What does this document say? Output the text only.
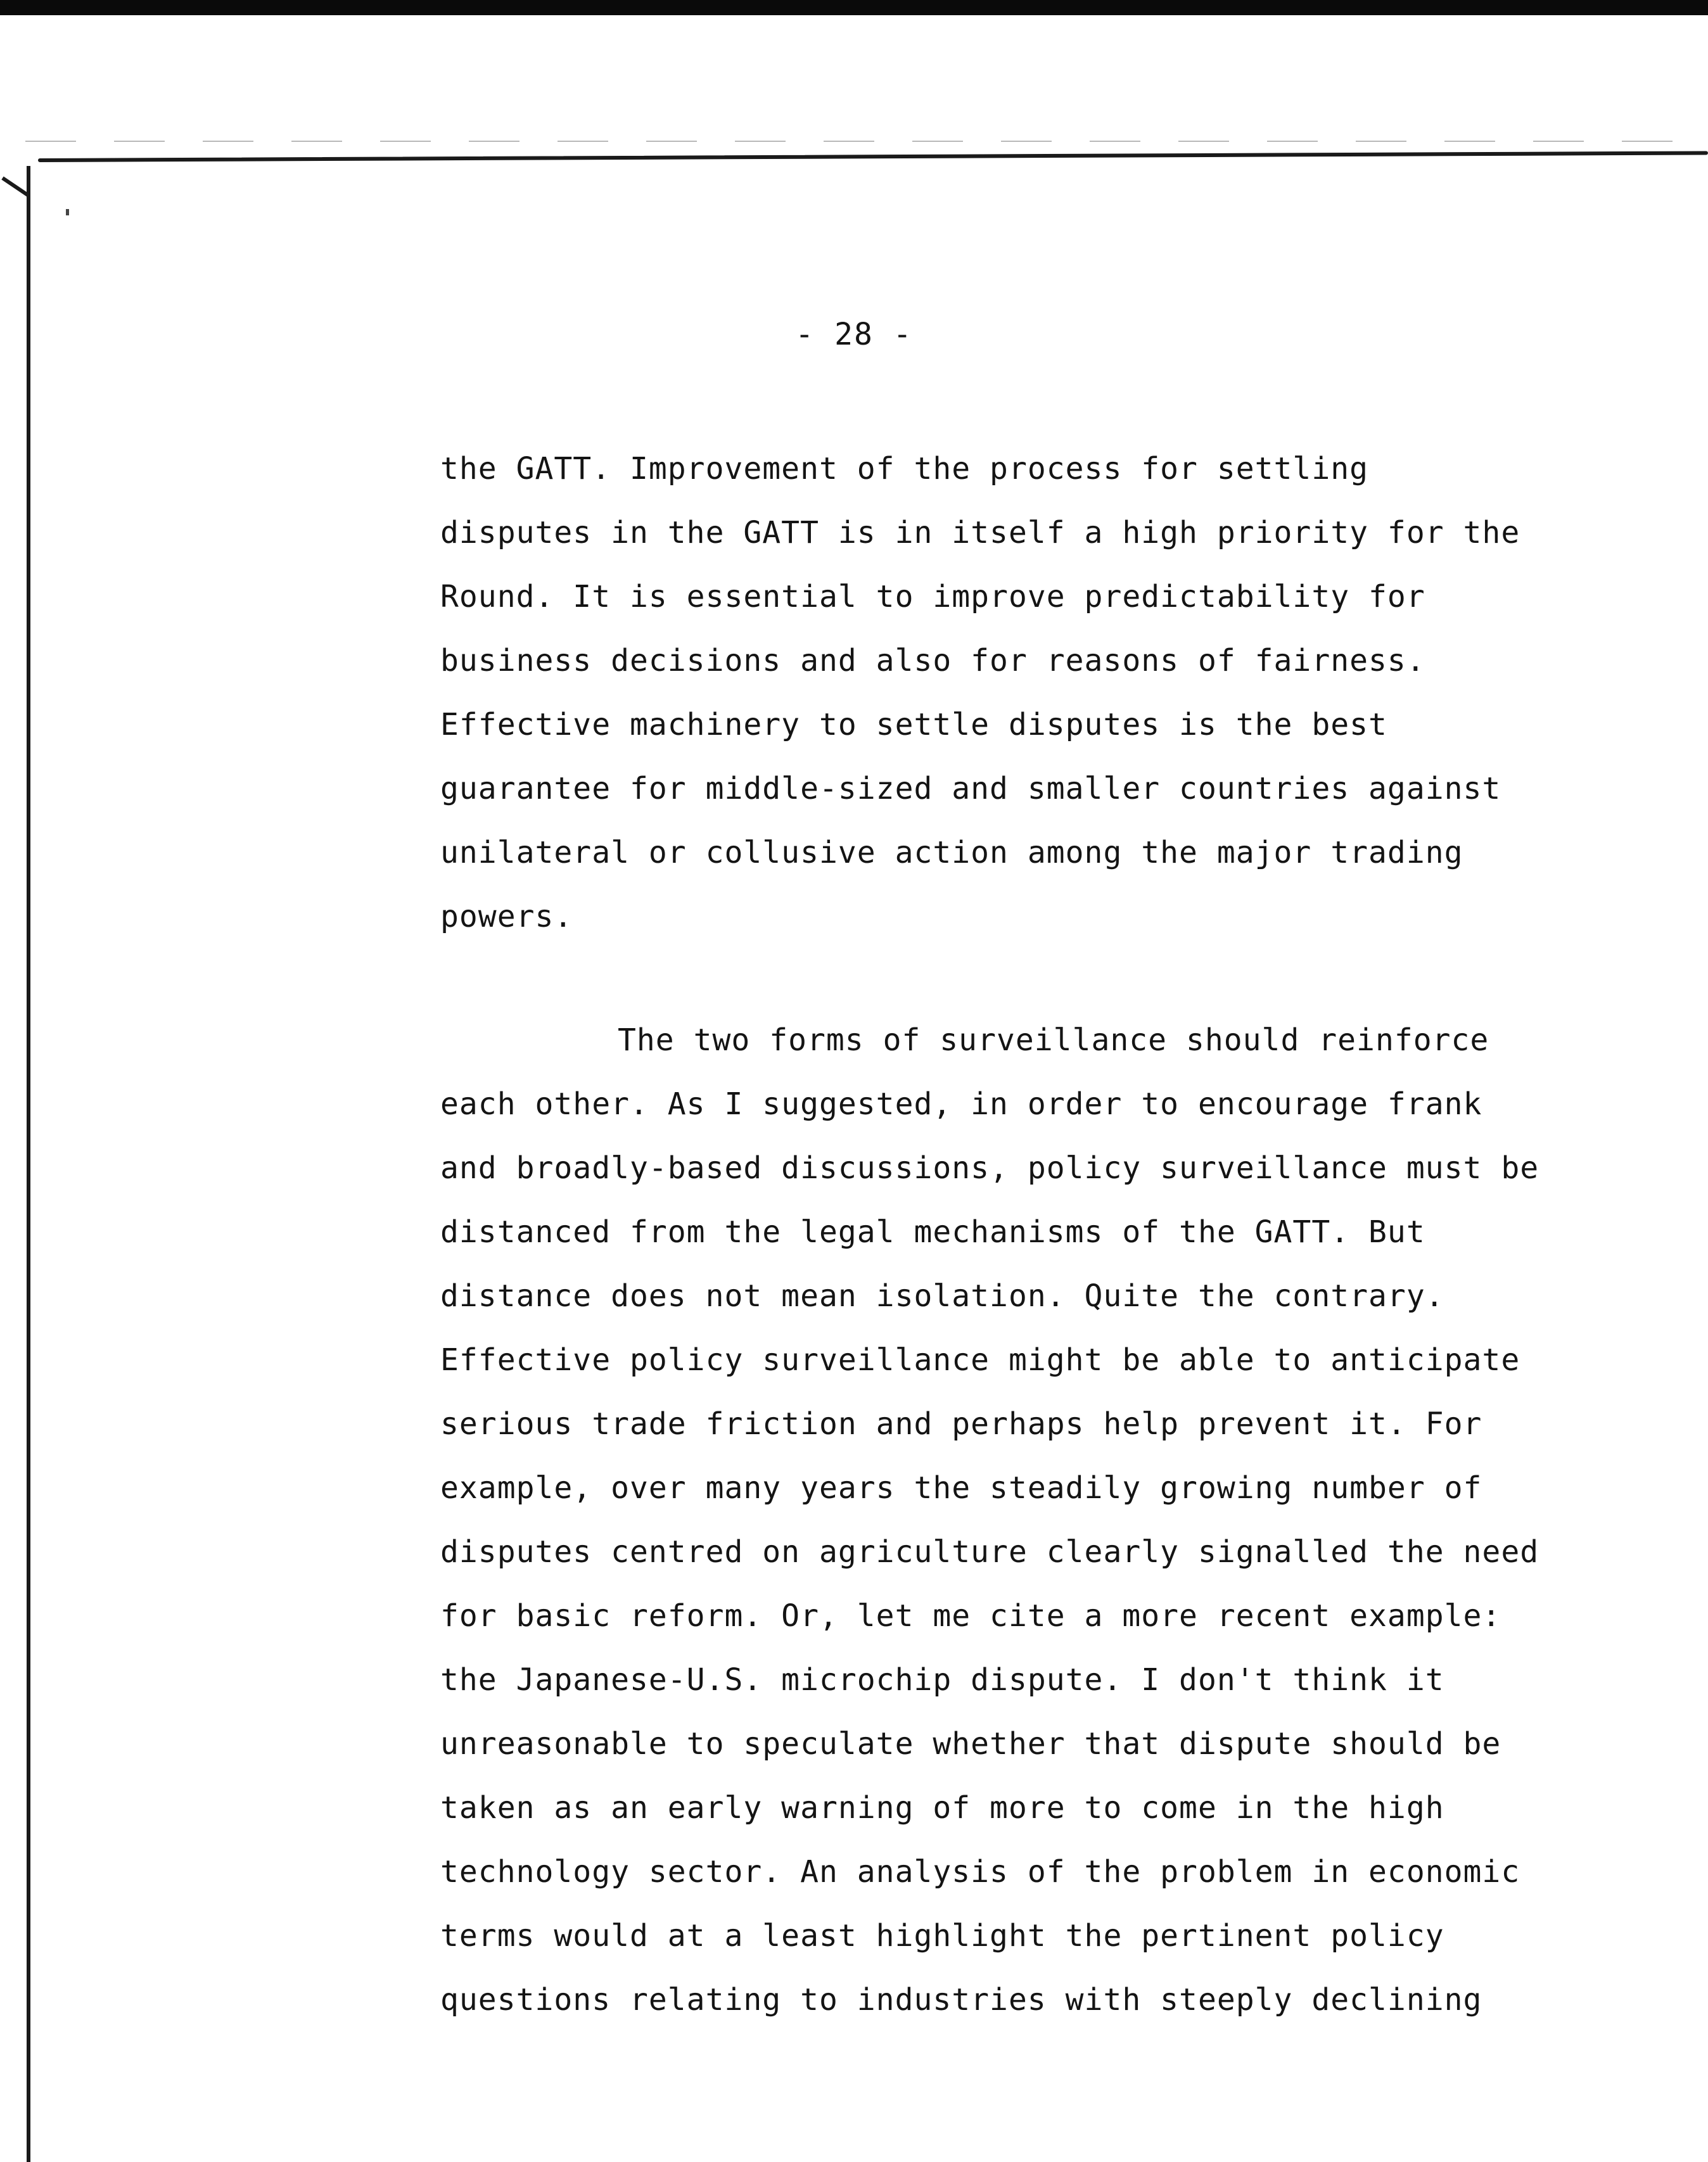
- 28 -

the GATT. Improvement of the process for settling
disputes in the GATT is in itself a high priority for the
Round. It is essential to improve predictability for
business decisions and also for reasons of fairness.
Effective machinery to settle disputes is the best
guarantee for middle-sized and smaller countries against
unilateral or collusive action among the major trading
powers.
The two forms of surveillance should reinforce
each other. As I suggested, in order to encourage frank
and broadly-based discussions, policy surveillance must be
distanced from the legal mechanisms of the GATT. But
distance does not mean isolation. Quite the contrary.
Effective policy surveillance might be able to anticipate
serious trade friction and perhaps help prevent it. For
example, over many years the steadily growing number of
disputes centred on agriculture clearly signalled the need
for basic reform. Or, let me cite a more recent example:
the Japanese-U.S. microchip dispute. I don't think it
unreasonable to speculate whether that dispute should be
taken as an early warning of more to come in the high
technology sector. An analysis of the problem in economic
terms would at a least highlight the pertinent policy
questions relating to industries with steeply declining
